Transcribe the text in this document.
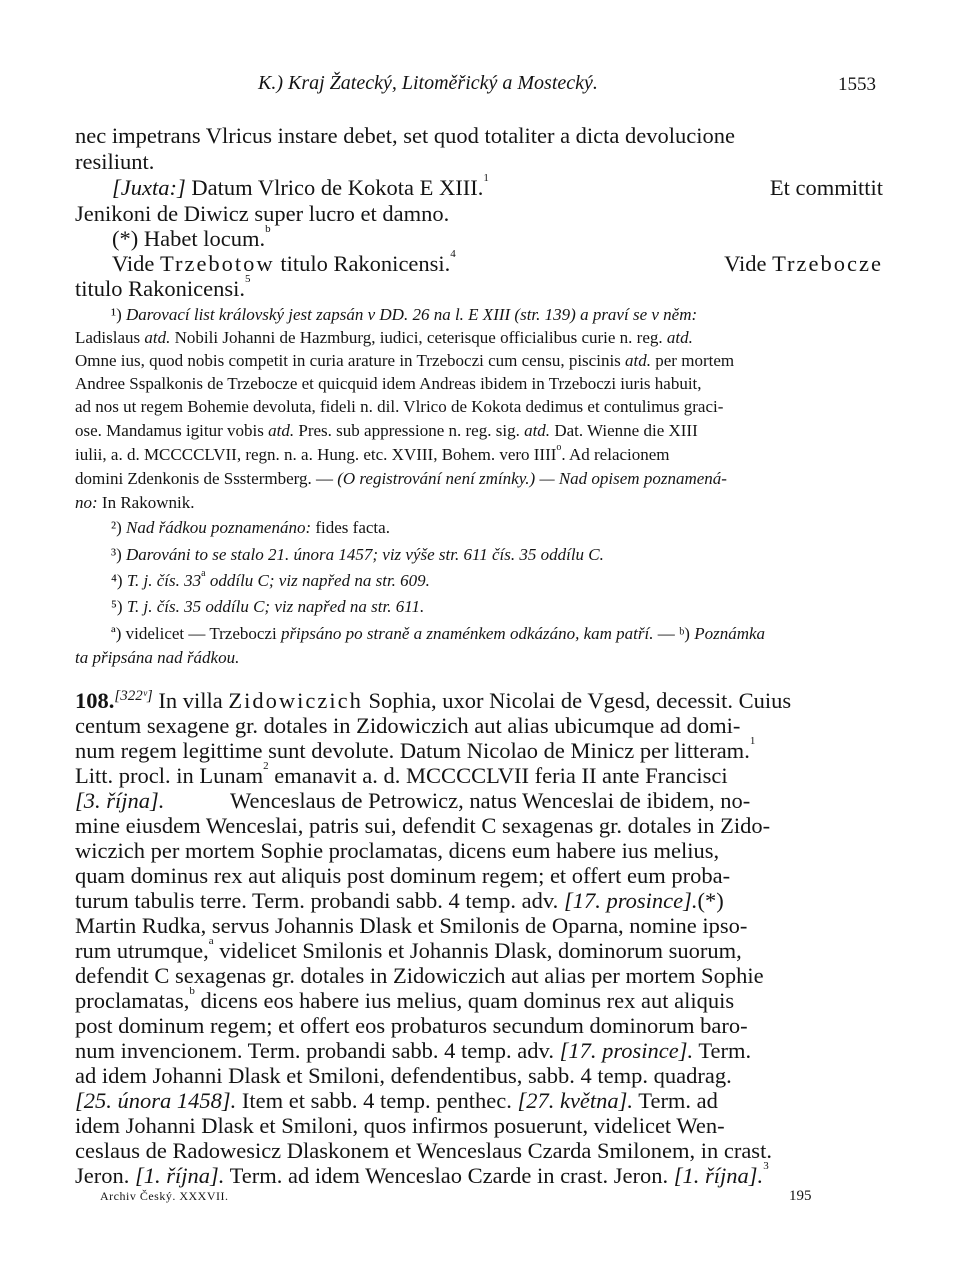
K.) Kraj Žatecký, Litoměřický a Mostecký.	1553
nec impetrans Vlricus instare debet, set quod totaliter a dicta devolucione
resiliunt.
[Juxta:] Datum Vlrico de Kokota E XIII.$^1$	Et committit
Jenikoni de Diwicz super lucro et damno.
(*) Habet locum.$^b$
Vide Trzebotow titulo Rakonicensi.$^4$	Vide Trzebocze
titulo Rakonicensi.$^5$
¹) Darovací list královský jest zapsán v DD. 26 na l. E XIII (str. 139) a praví se v něm:
Ladislaus atd. Nobili Johanni de Hazmburg, iudici, ceterisque officialibus curie n. reg. atd.
Omne ius, quod nobis competit in curia arature in Trzeboczi cum censu, piscinis atd. per mortem
Andree Sspalkonis de Trzebocze et quicquid idem Andreas ibidem in Trzeboczi iuris habuit,
ad nos ut regem Bohemie devoluta, fideli n. dil. Vlrico de Kokota dedimus et contulimus graci-
ose. Mandamus igitur vobis atd. Pres. sub appressione n. reg. sig. atd. Dat. Wienne die XIII
iulii, a. d. MCCCCLVII, regn. n. a. Hung. etc. XVIII, Bohem. vero IIII$^o$. Ad relacionem
domini Zdenkonis de Ssstermberg. — (O registrování není zmínky.) — Nad opisem poznamená-
no: In Rakownik.
²) Nad řádkou poznamenáno: fides facta.
³) Darováni to se stalo 21. února 1457; viz výše str. 611 čís. 35 oddílu C.
⁴) T. j. čís. 33$^a$ oddílu C; viz napřed na str. 609.
⁵) T. j. čís. 35 oddílu C; viz napřed na str. 611.
ª) videlicet — Trzeboczi připsáno po straně a znaménkem odkázáno, kam patří. — ᵇ) Poznámka
ta připsána nad řádkou.
108.[322ᵛ] In villa Zidowiczich Sophia, uxor Nicolai de Vgesd, decessit. Cuius
centum sexagene gr. dotales in Zidowiczich aut alias ubicumque ad domi-
num regem legittime sunt devolute. Datum Nicolao de Minicz per litteram.$^1$
Litt. procl. in Lunam$^2$ emanavit a. d. MCCCCLVII feria II ante Francisci
[3. října].	Wenceslaus de Petrowicz, natus Wenceslai de ibidem, no-
mine eiusdem Wenceslai, patris sui, defendit C sexagenas gr. dotales in Zido-
wiczich per mortem Sophie proclamatas, dicens eum habere ius melius,
quam dominus rex aut aliquis post dominum regem; et offert eum proba-
turum tabulis terre. Term. probandi sabb. 4 temp. adv. [17. prosince].(*)
Martin Rudka, servus Johannis Dlask et Smilonis de Oparna, nomine ipso-
rum utrumque,$^a$ videlicet Smilonis et Johannis Dlask, dominorum suorum,
defendit C sexagenas gr. dotales in Zidowiczich aut alias per mortem Sophie
proclamatas,$^b$ dicens eos habere ius melius, quam dominus rex aut aliquis
post dominum regem; et offert eos probaturos secundum dominorum baro-
num invencionem. Term. probandi sabb. 4 temp. adv. [17. prosince]. Term.
ad idem Johanni Dlask et Smiloni, defendentibus, sabb. 4 temp. quadrag.
[25. února 1458]. Item et sabb. 4 temp. penthec. [27. května]. Term. ad
idem Johanni Dlask et Smiloni, quos infirmos posuerunt, videlicet Wen-
ceslaus de Radowesicz Dlaskonem et Wenceslaus Czarda Smilonem, in crast.
Jeron. [1. října]. Term. ad idem Wenceslao Czarde in crast. Jeron. [1. října].$^3$
Archiv Český. XXXVII.	195
